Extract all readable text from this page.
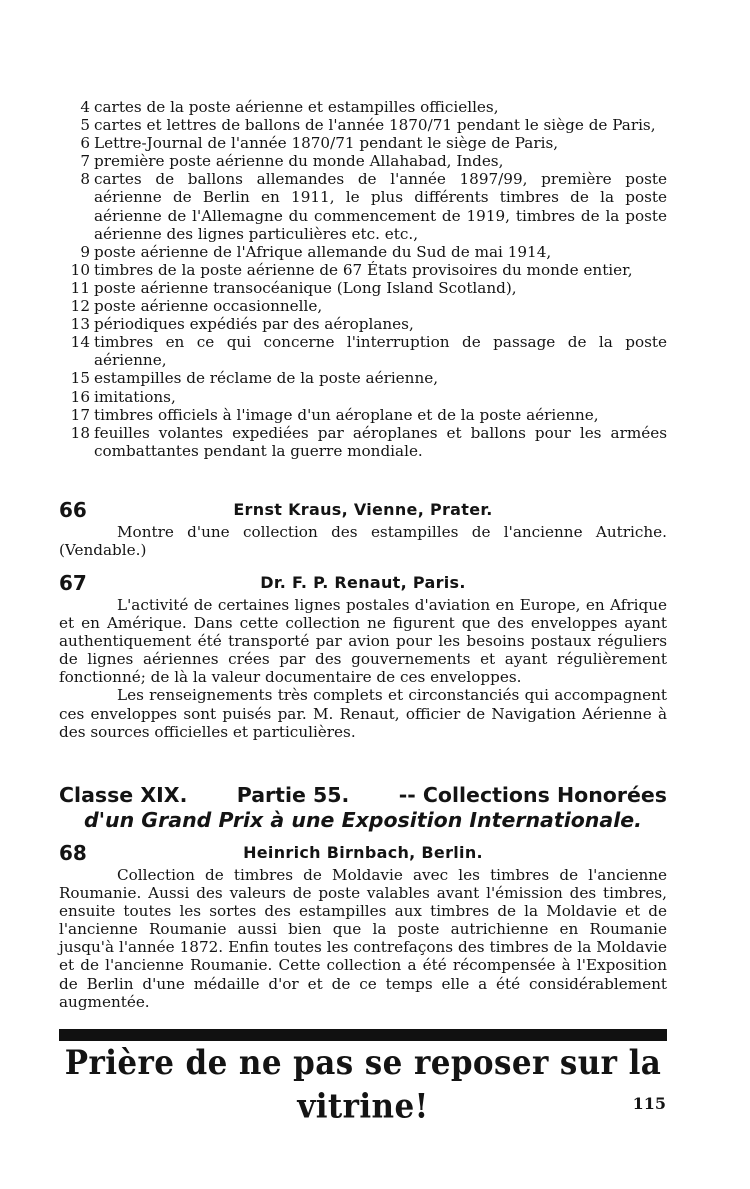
4 cartes de la poste aérienne et estampilles officielles,
5 cartes et lettres de ballons de l'année 1870/71 pendant le siège de Paris,
6 Lettre-Journal de l'année 1870/71 pendant le siège de Paris,
7 première poste aérienne du monde Allahabad, Indes,
8 cartes de ballons allemandes de l'année 1897/99, première poste aérienne de Berlin en 1911, le plus différents timbres de la poste aérienne de l'Allemagne du commencement de 1919, timbres de la poste aérienne des lignes particulières etc. etc.,
9 poste aérienne de l'Afrique allemande du Sud de mai 1914,
10 timbres de la poste aérienne de 67 États provisoires du monde entier,
11 poste aérienne transocéanique (Long Island Scotland),
12 poste aérienne occasionnelle,
13 périodiques expédiés par des aéroplanes,
14 timbres en ce qui concerne l'interruption de passage de la poste aérienne,
15 estampilles de réclame de la poste aérienne,
16 imitations,
17 timbres officiels à l'image d'un aéroplane et de la poste aérienne,
18 feuilles volantes expediées par aéroplanes et ballons pour les armées combattantes pendant la guerre mondiale.
66	Ernst Kraus, Vienne, Prater.

Montre d'une collection des estampilles de l'ancienne Autriche. (Vendable.)

67	Dr. F. P. Renaut, Paris.

L'activité de certaines lignes postales d'aviation en Europe, en Afrique et en Amérique. Dans cette collection ne figurent que des enveloppes ayant authentiquement été transporté par avion pour les besoins postaux réguliers de lignes aériennes crées par des gouvernements et ayant régulièrement fonctionné; de là la valeur documentaire de ces enveloppes.

Les renseignements très complets et circonstanciés qui accompagnent ces enveloppes sont puisés par. M. Renaut, officier de Navigation Aérienne à des sources officielles et particulières.

Classe XIX. Partie 55. -- Collections Honorées
d'un Grand Prix à une Exposition Internationale.
68	Heinrich Birnbach, Berlin.

Collection de timbres de Moldavie avec les timbres de l'ancienne Roumanie. Aussi des valeurs de poste valables avant l'émission des timbres, ensuite toutes les sortes des estampilles aux timbres de la Moldavie et de l'ancienne Roumanie aussi bien que la poste autrichienne en Roumanie jusqu'à l'année 1872. Enfin toutes les contrefaçons des timbres de la Moldavie et de l'ancienne Roumanie. Cette collection a été récompensée à l'Exposition de Berlin d'une médaille d'or et de ce temps elle a été considérablement augmentée.

Prière de ne pas se reposer sur la vitrine!	115
